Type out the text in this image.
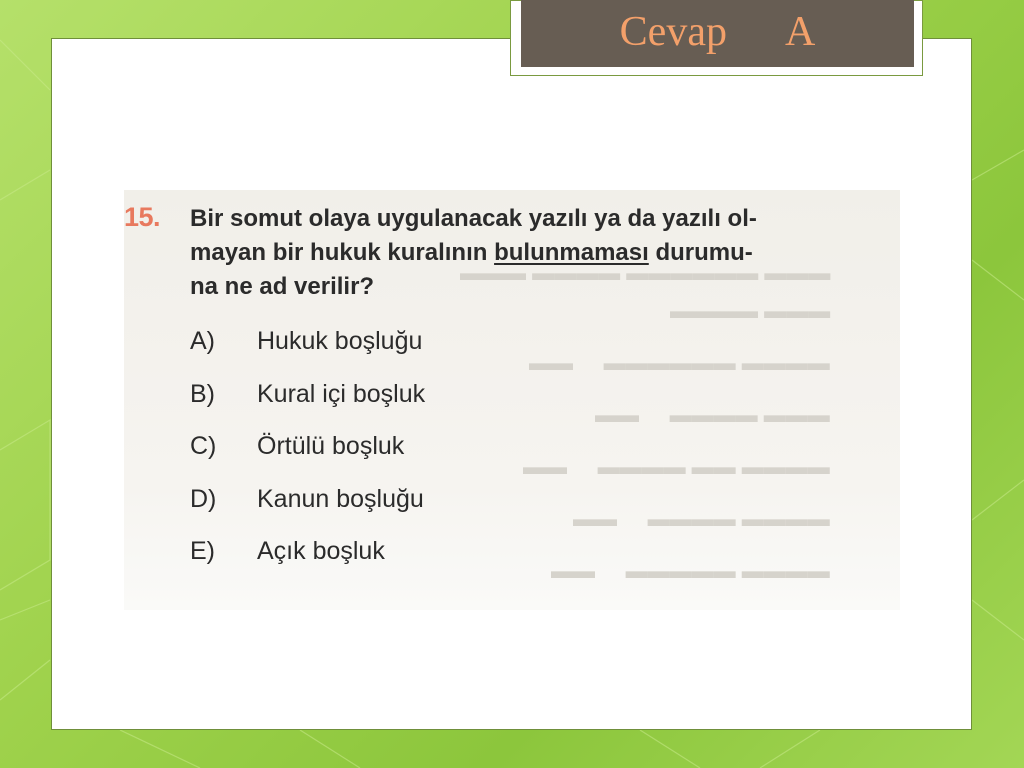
Cevap A
▬▬▬ ▬▬▬▬▬▬ ▬▬▬▬ ▬▬▬
▬▬▬ ▬▬▬▬
▬▬▬▬ ▬▬▬▬▬▬     ▬▬
▬▬▬ ▬▬▬▬     ▬▬
▬▬▬▬ ▬▬ ▬▬▬▬     ▬▬
▬▬▬▬ ▬▬▬▬     ▬▬
▬▬▬▬ ▬▬▬▬▬     ▬▬
15. Bir somut olaya uygulanacak yazılı ya da yazılı ol-
mayan bir hukuk kuralının bulunmaması durumu-
na ne ad verilir?
A)	Hukuk boşluğu
B)	Kural içi boşluk
C)	Örtülü boşluk
D)	Kanun boşluğu
E)	Açık boşluk
